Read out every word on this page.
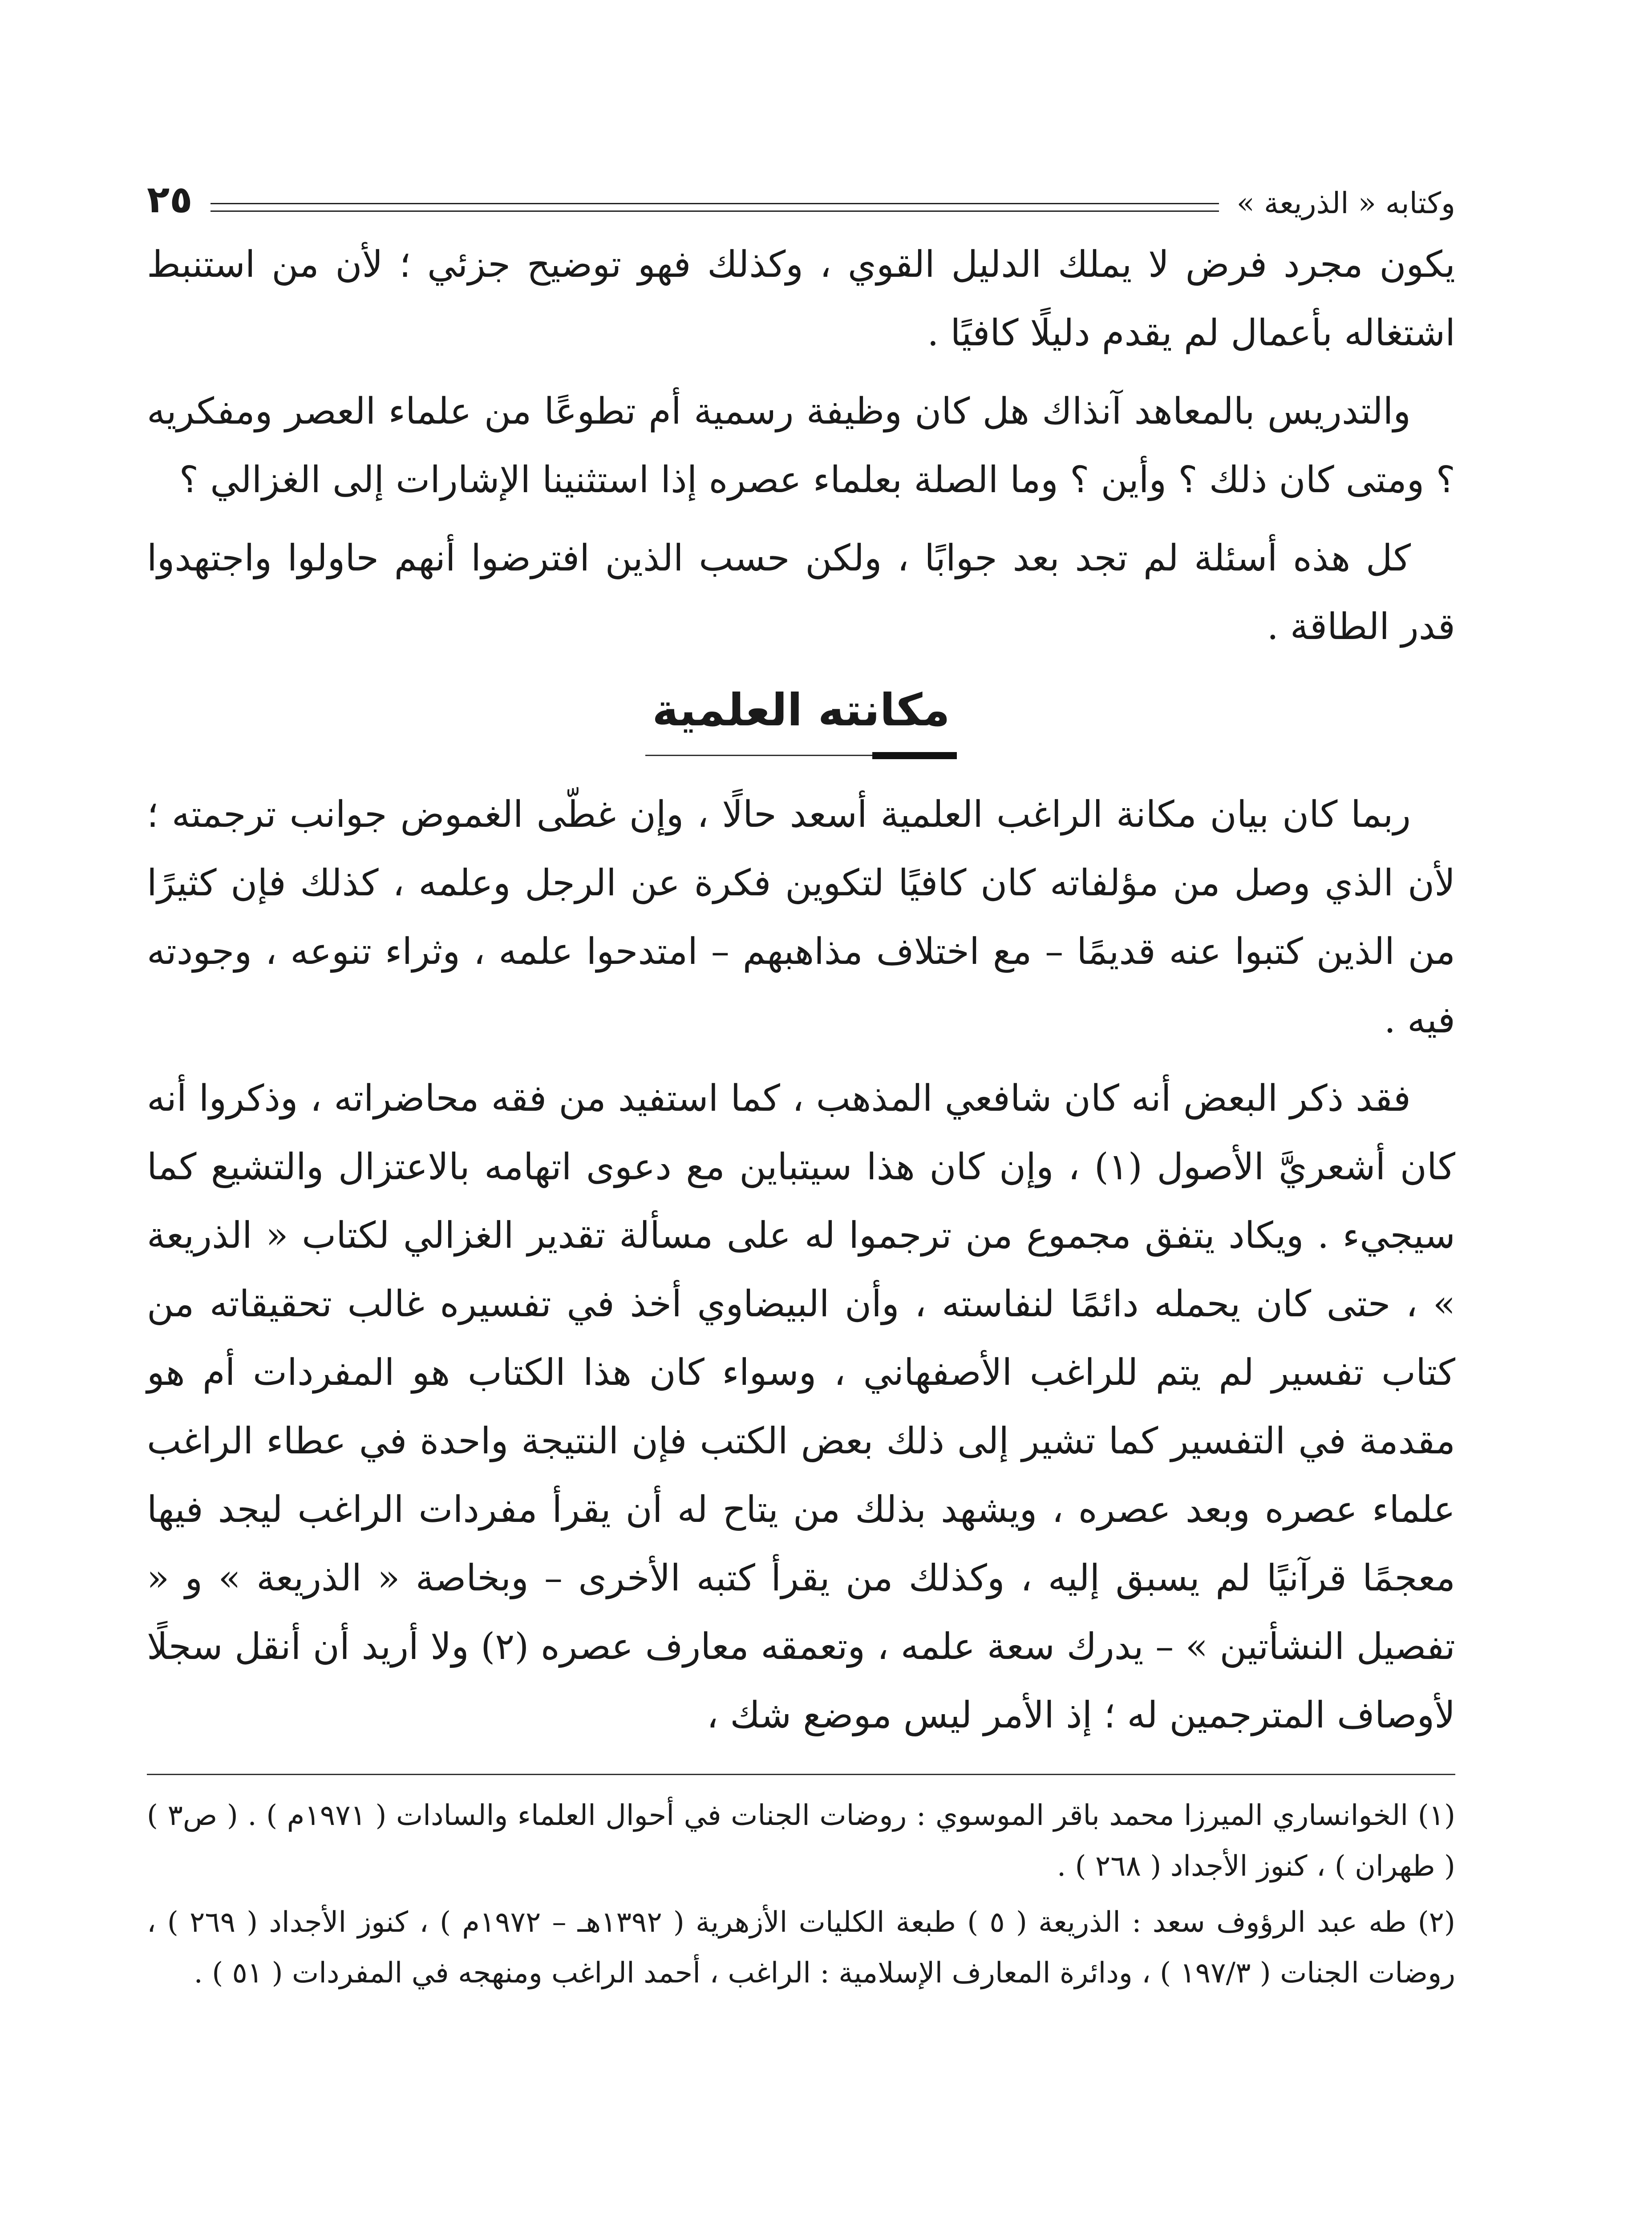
وكتابه « الذريعة »
٢٥

يكون مجرد فرض لا يملك الدليل القوي ، وكذلك فهو توضيح جزئي ؛ لأن من استنبط اشتغاله بأعمال لم يقدم دليلًا كافيًا .

والتدريس بالمعاهد آنذاك هل كان وظيفة رسمية أم تطوعًا من علماء العصر ومفكريه ؟ ومتى كان ذلك ؟ وأين ؟ وما الصلة بعلماء عصره إذا استثنينا الإشارات إلى الغزالي ؟

كل هذه أسئلة لم تجد بعد جوابًا ، ولكن حسب الذين افترضوا أنهم حاولوا واجتهدوا قدر الطاقة .

مكانته العلمية

ربما كان بيان مكانة الراغب العلمية أسعد حالًا ، وإن غطّى الغموض جوانب ترجمته ؛ لأن الذي وصل من مؤلفاته كان كافيًا لتكوين فكرة عن الرجل وعلمه ، كذلك فإن كثيرًا من الذين كتبوا عنه قديمًا – مع اختلاف مذاهبهم – امتدحوا علمه ، وثراء تنوعه ، وجودته فيه .

فقد ذكر البعض أنه كان شافعي المذهب ، كما استفيد من فقه محاضراته ، وذكروا أنه كان أشعريَّ الأصول (١) ، وإن كان هذا سيتباين مع دعوى اتهامه بالاعتزال والتشيع كما سيجيء . ويكاد يتفق مجموع من ترجموا له على مسألة تقدير الغزالي لكتاب « الذريعة » ، حتى كان يحمله دائمًا لنفاسته ، وأن البيضاوي أخذ في تفسيره غالب تحقيقاته من كتاب تفسير لم يتم للراغب الأصفهاني ، وسواء كان هذا الكتاب هو المفردات أم هو مقدمة في التفسير كما تشير إلى ذلك بعض الكتب فإن النتيجة واحدة في عطاء الراغب علماء عصره وبعد عصره ، ويشهد بذلك من يتاح له أن يقرأ مفردات الراغب ليجد فيها معجمًا قرآنيًا لم يسبق إليه ، وكذلك من يقرأ كتبه الأخرى – وبخاصة « الذريعة » و « تفصيل النشأتين » – يدرك سعة علمه ، وتعمقه معارف عصره (٢) ولا أريد أن أنقل سجلًا لأوصاف المترجمين له ؛ إذ الأمر ليس موضع شك ،

(١) الخوانساري الميرزا محمد باقر الموسوي : روضات الجنات في أحوال العلماء والسادات ( ١٩٧١م ) . ( ص٣ ) ( طهران ) ، كنوز الأجداد ( ٢٦٨ ) .

(٢) طه عبد الرؤوف سعد : الذريعة ( ٥ ) طبعة الكليات الأزهرية ( ١٣٩٢هـ – ١٩٧٢م ) ، كنوز الأجداد ( ٢٦٩ ) ، روضات الجنات ( ١٩٧/٣ ) ، ودائرة المعارف الإسلامية : الراغب ، أحمد الراغب ومنهجه في المفردات ( ٥١ ) .
